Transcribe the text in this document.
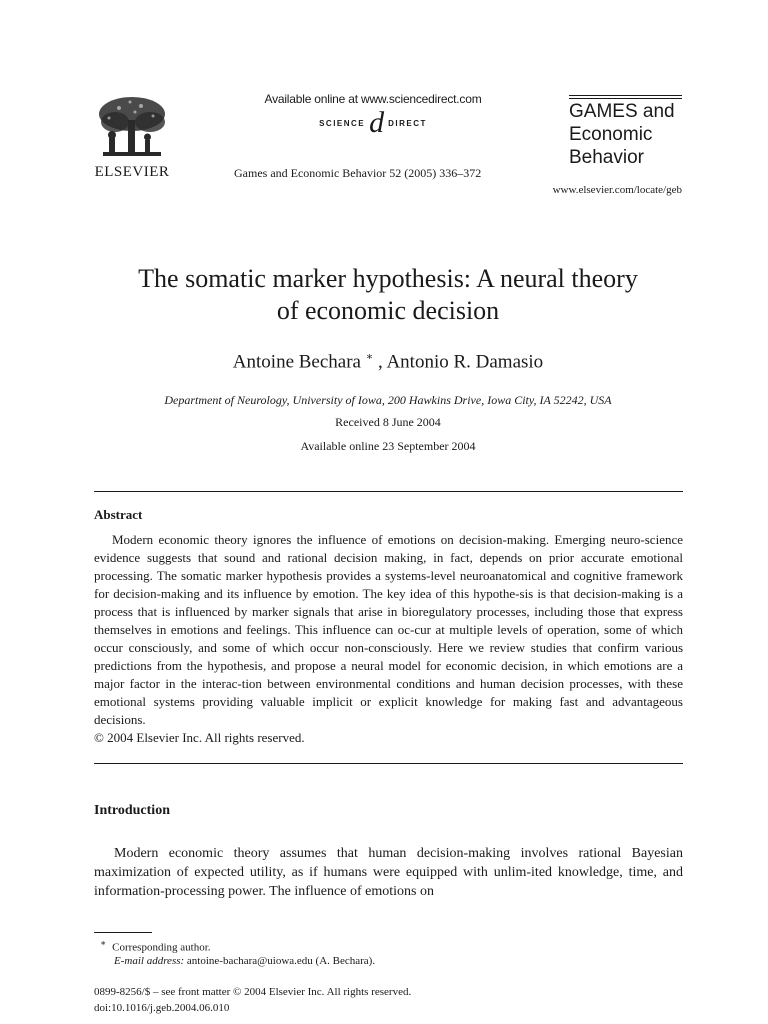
ELSEVIER
Available online at www.sciencedirect.com
SCIENCE d DIRECT
Games and Economic Behavior 52 (2005) 336–372
GAMES and
Economic
Behavior
www.elsevier.com/locate/geb
The somatic marker hypothesis: A neural theory
of economic decision
Antoine Bechara ∗ , Antonio R. Damasio
Department of Neurology, University of Iowa, 200 Hawkins Drive, Iowa City, IA 52242, USA
Received 8 June 2004
Available online 23 September 2004
Abstract

Modern economic theory ignores the influence of emotions on decision-making. Emerging neuro-science evidence suggests that sound and rational decision making, in fact, depends on prior accurate emotional processing. The somatic marker hypothesis provides a systems-level neuroanatomical and cognitive framework for decision-making and its influence by emotion. The key idea of this hypothe-sis is that decision-making is a process that is influenced by marker signals that arise in bioregulatory processes, including those that express themselves in emotions and feelings. This influence can oc-cur at multiple levels of operation, some of which occur consciously, and some of which occur non-consciously. Here we review studies that confirm various predictions from the hypothesis, and propose a neural model for economic decision, in which emotions are a major factor in the interac-tion between environmental conditions and human decision processes, with these emotional systems providing valuable implicit or explicit knowledge for making fast and advantageous decisions.

© 2004 Elsevier Inc. All rights reserved.
Introduction

Modern economic theory assumes that human decision-making involves rational Bayesian maximization of expected utility, as if humans were equipped with unlim-ited knowledge, time, and information-processing power. The influence of emotions on

∗ Corresponding author.
E-mail address: antoine-bachara@uiowa.edu (A. Bechara).
0899-8256/$ – see front matter © 2004 Elsevier Inc. All rights reserved.
doi:10.1016/j.geb.2004.06.010
